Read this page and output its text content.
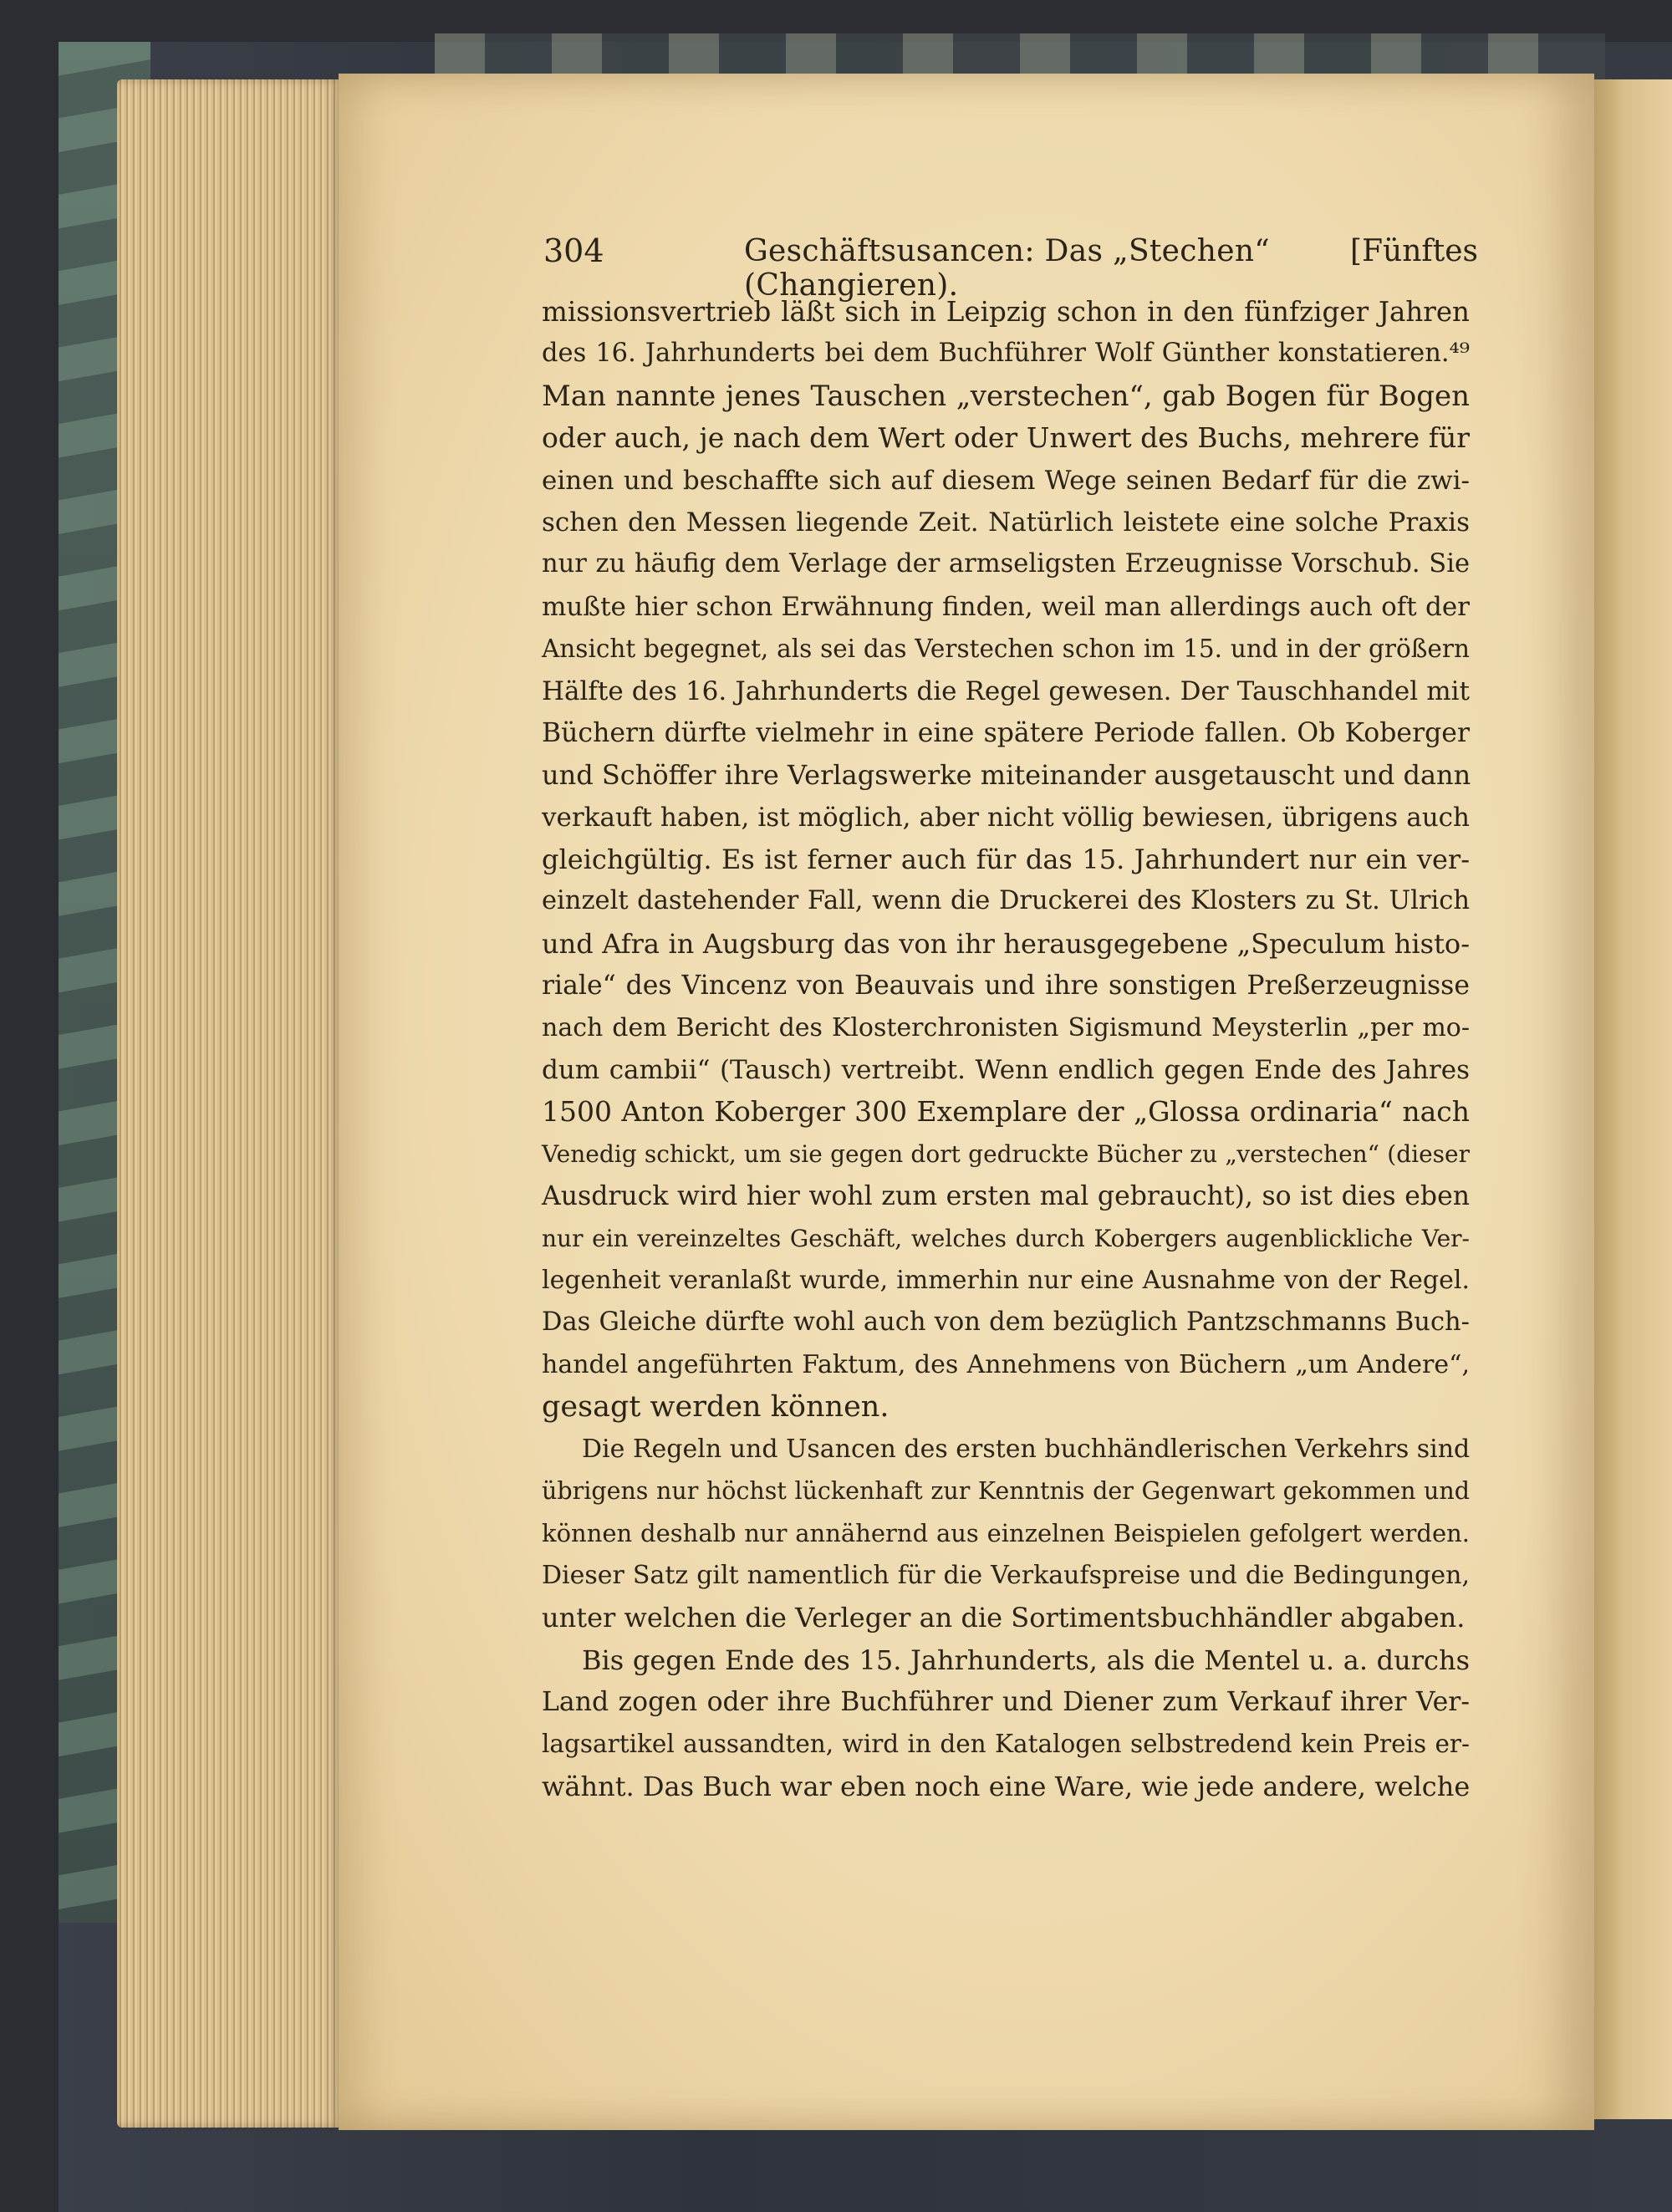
304	Geschäftsusancen: Das „Stechen“ (Changieren).
[Fünftes
missionsvertrieb läßt sich in Leipzig schon in den fünfziger Jahren
des 16. Jahrhunderts bei dem Buchführer Wolf Günther konstatieren.⁴⁹
Man nannte jenes Tauschen „verstechen“, gab Bogen für Bogen
oder auch, je nach dem Wert oder Unwert des Buchs, mehrere für
einen und beschaffte sich auf diesem Wege seinen Bedarf für die zwi-
schen den Messen liegende Zeit. Natürlich leistete eine solche Praxis
nur zu häufig dem Verlage der armseligsten Erzeugnisse Vorschub. Sie
mußte hier schon Erwähnung finden, weil man allerdings auch oft der
Ansicht begegnet, als sei das Verstechen schon im 15. und in der größern
Hälfte des 16. Jahrhunderts die Regel gewesen. Der Tauschhandel mit
Büchern dürfte vielmehr in eine spätere Periode fallen. Ob Koberger
und Schöffer ihre Verlagswerke miteinander ausgetauscht und dann
verkauft haben, ist möglich, aber nicht völlig bewiesen, übrigens auch
gleichgültig. Es ist ferner auch für das 15. Jahrhundert nur ein ver-
einzelt dastehender Fall, wenn die Druckerei des Klosters zu St. Ulrich
und Afra in Augsburg das von ihr herausgegebene „Speculum histo-
riale“ des Vincenz von Beauvais und ihre sonstigen Preßerzeugnisse
nach dem Bericht des Klosterchronisten Sigismund Meysterlin „per mo-
dum cambii“ (Tausch) vertreibt. Wenn endlich gegen Ende des Jahres
1500 Anton Koberger 300 Exemplare der „Glossa ordinaria“ nach
Venedig schickt, um sie gegen dort gedruckte Bücher zu „verstechen“ (dieser
Ausdruck wird hier wohl zum ersten mal gebraucht), so ist dies eben
nur ein vereinzeltes Geschäft, welches durch Kobergers augenblickliche Ver-
legenheit veranlaßt wurde, immerhin nur eine Ausnahme von der Regel.
Das Gleiche dürfte wohl auch von dem bezüglich Pantzschmanns Buch-
handel angeführten Faktum, des Annehmens von Büchern „um Andere“,
gesagt werden können.
Die Regeln und Usancen des ersten buchhändlerischen Verkehrs sind
übrigens nur höchst lückenhaft zur Kenntnis der Gegenwart gekommen und
können deshalb nur annähernd aus einzelnen Beispielen gefolgert werden.
Dieser Satz gilt namentlich für die Verkaufspreise und die Bedingungen,
unter welchen die Verleger an die Sortimentsbuchhändler abgaben.
Bis gegen Ende des 15. Jahrhunderts, als die Mentel u. a. durchs
Land zogen oder ihre Buchführer und Diener zum Verkauf ihrer Ver-
lagsartikel aussandten, wird in den Katalogen selbstredend kein Preis er-
wähnt. Das Buch war eben noch eine Ware, wie jede andere, welche
